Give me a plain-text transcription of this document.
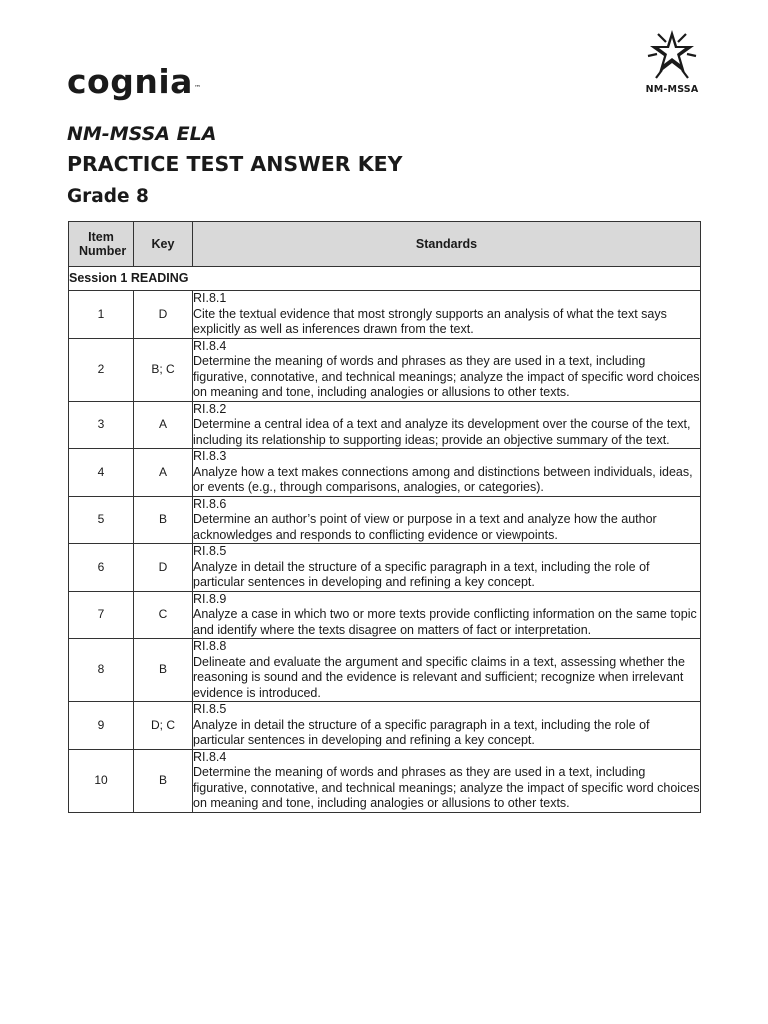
cognia™	NM-MSSA

NM-MSSA ELA

PRACTICE TEST ANSWER KEY

Grade 8

Item Number	Key	Standards
Session 1 READING		
1	D	RI.8.1
Cite the textual evidence that most strongly supports an analysis of what the text says explicitly as well as inferences drawn from the text.

2	B; C	RI.8.4
Determine the meaning of words and phrases as they are used in a text, including figurative, connotative, and technical meanings; analyze the impact of specific word choices on meaning and tone, including analogies or allusions to other texts.

3	A	RI.8.2
Determine a central idea of a text and analyze its development over the course of the text, including its relationship to supporting ideas; provide an objective summary of the text.

4	A	RI.8.3
Analyze how a text makes connections among and distinctions between individuals, ideas, or events (e.g., through comparisons, analogies, or categories).

5	B	RI.8.6
Determine an author’s point of view or purpose in a text and analyze how the author acknowledges and responds to conflicting evidence or viewpoints.

6	D	RI.8.5
Analyze in detail the structure of a specific paragraph in a text, including the role of particular sentences in developing and refining a key concept.

7	C	RI.8.9
Analyze a case in which two or more texts provide conflicting information on the same topic and identify where the texts disagree on matters of fact or interpretation.

8	B	RI.8.8
Delineate and evaluate the argument and specific claims in a text, assessing whether the reasoning is sound and the evidence is relevant and sufficient; recognize when irrelevant evidence is introduced.

9	D; C	RI.8.5
Analyze in detail the structure of a specific paragraph in a text, including the role of particular sentences in developing and refining a key concept.

10	B	RI.8.4
Determine the meaning of words and phrases as they are used in a text, including figurative, connotative, and technical meanings; analyze the impact of specific word choices on meaning and tone, including analogies or allusions to other texts.
